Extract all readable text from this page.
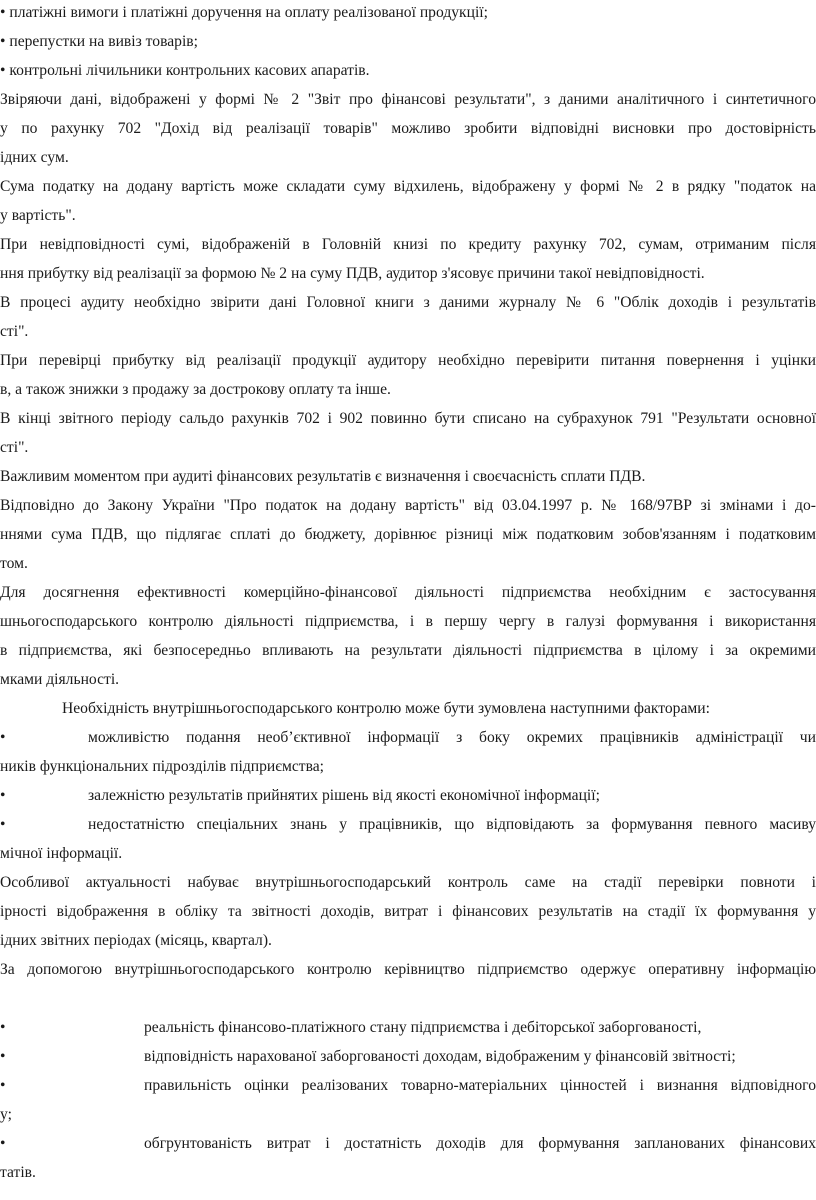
• платіжні вимоги і платіжні доручення на оплату реалізованої продукції;
• перепустки на вивіз товарів;
• контрольні лічильники контрольних касових апаратів.
Звіряючи дані, відображені у формі № 2 "Звіт про фінансові результати", з даними аналітичного і синтетичного
у по рахунку 702 "Дохід від реалізації товарів" можливо зробити відповідні висновки про достовірність
ідних сум.
Сума податку на додану вартість може складати суму відхилень, відображену у формі № 2 в рядку "податок на
у вартість".
При невідповідності сумі, відображеній в Головній книзі по кредиту рахунку 702, сумам, отриманим після
ння прибутку від реалізації за формою № 2 на суму ПДВ, аудитор з'ясовує причини такої невідповідності.
В процесі аудиту необхідно звірити дані Головної книги з даними журналу № 6 "Облік доходів і результатів
сті".
При перевірці прибутку від реалізації продукції аудитору необхідно перевірити питання повернення і уцінки
в, а також знижки з продажу за дострокову оплату та інше.
В кінці звітного періоду сальдо рахунків 702 і 902 повинно бути списано на субрахунок 791 "Результати основної
сті".
Важливим моментом при аудиті фінансових результатів є визначення і своєчасність сплати ПДВ.
Відповідно до Закону України "Про податок на додану вартість" від 03.04.1997 р. № 168/97ВР зі змінами і до-
ннями сума ПДВ, що підлягає сплаті до бюджету, дорівнює різниці між податковим зобов'язанням і податковим
том.
Для досягнення ефективності комерційно-фінансової діяльності підприємства необхідним є застосування
шньогосподарського контролю діяльності підприємства, і в першу чергу в галузі формування і використання
в підприємства, які безпосередньо впливають на результати діяльності підприємства в цілому і за окремими
мками діяльності.
Необхідність внутрішньогосподарського контролю може бути зумовлена наступними факторами:
•	можливістю подання необ’єктивної інформації з боку окремих працівників адміністрації чи
ників функціональних підрозділів підприємства;
•	залежністю результатів прийнятих рішень від якості економічної інформації;
•	недостатністю спеціальних знань у працівників, що відповідають за формування певного масиву
мічної інформації.
Особливої актуальності набуває внутрішньогосподарський контроль саме на стадії перевірки повноти і
ірності відображення в обліку та звітності доходів, витрат і фінансових результатів на стадії їх формування у
ідних звітних періодах (місяць, квартал).
За допомогою внутрішньогосподарського контролю керівництво підприємство одержує оперативну інформацію
•	реальність фінансово-платіжного стану підприємства і дебіторської заборгованості,
•	відповідність нарахованої заборгованості доходам, відображеним у фінансовій звітності;
•	правильність оцінки реалізованих товарно-матеріальних цінностей і визнання відповідного
у;
•	обгрунтованість витрат і достатність доходів для формування запланованих фінансових
татів.
